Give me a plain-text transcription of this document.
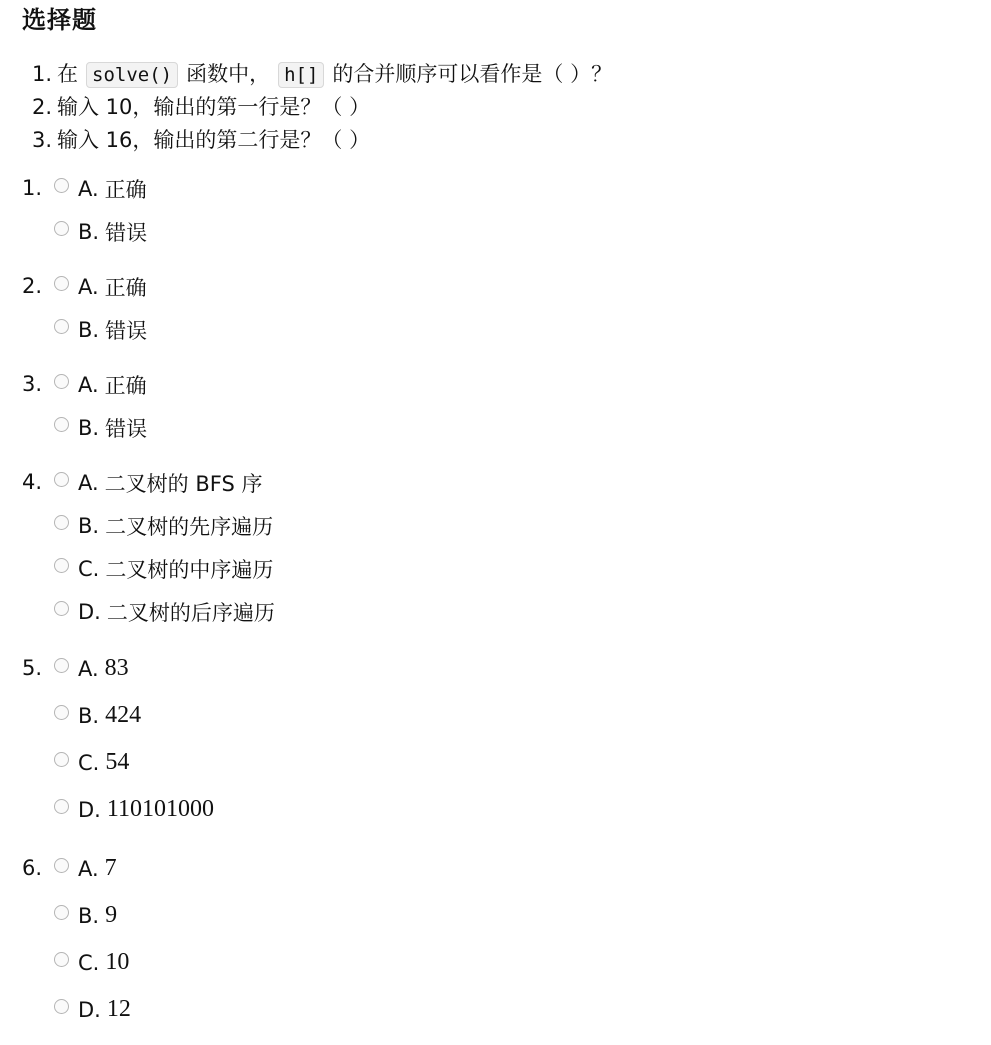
选择题
1. 在 solve() 函数中， h[] 的合并顺序可以看作是（ ）？
2. 输入 10，输出的第一行是？（ ）
3. 输入 16，输出的第二行是？（ ）
1.	A. 正确
B. 错误
2.	A. 正确
B. 错误
3.	A. 正确
B. 错误
4.	A. 二叉树的 BFS 序
B. 二叉树的先序遍历
C. 二叉树的中序遍历
D. 二叉树的后序遍历
5.	A. 83
B. 424
C. 54
D. 110101000
6.	A. 7
B. 9
C. 10
D. 12
